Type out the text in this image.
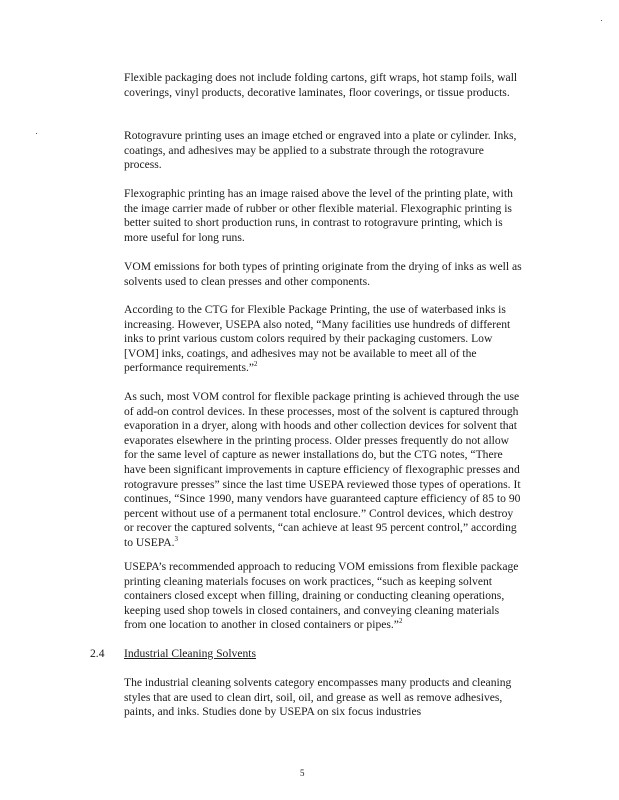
Flexible packaging does not include folding cartons, gift wraps, hot stamp foils, wall coverings, vinyl products, decorative laminates, floor coverings, or tissue products.

Rotogravure printing uses an image etched or engraved into a plate or cylinder. Inks, coatings, and adhesives may be applied to a substrate through the rotogravure process.

Flexographic printing has an image raised above the level of the printing plate, with the image carrier made of rubber or other flexible material. Flexographic printing is better suited to short production runs, in contrast to rotogravure printing, which is more useful for long runs.

VOM emissions for both types of printing originate from the drying of inks as well as solvents used to clean presses and other components.

According to the CTG for Flexible Package Printing, the use of waterbased inks is increasing. However, USEPA also noted, “Many facilities use hundreds of different inks to print various custom colors required by their packaging customers. Low [VOM] inks, coatings, and adhesives may not be available to meet all of the performance requirements.”$^2$

As such, most VOM control for flexible package printing is achieved through the use of add-on control devices. In these processes, most of the solvent is captured through evaporation in a dryer, along with hoods and other collection devices for solvent that evaporates elsewhere in the printing process. Older presses frequently do not allow for the same level of capture as newer installations do, but the CTG notes, “There have been significant improvements in capture efficiency of flexographic presses and rotogravure presses” since the last time USEPA reviewed those types of operations. It continues, “Since 1990, many vendors have guaranteed capture efficiency of 85 to 90 percent without use of a permanent total enclosure.” Control devices, which destroy or recover the captured solvents, “can achieve at least 95 percent control,” according to USEPA.$^3$

USEPA’s recommended approach to reducing VOM emissions from flexible package printing cleaning materials focuses on work practices, “such as keeping solvent containers closed except when filling, draining or conducting cleaning operations, keeping used shop towels in closed containers, and conveying cleaning materials from one location to another in closed containers or pipes.”$^2$

2.4 Industrial Cleaning Solvents

The industrial cleaning solvents category encompasses many products and cleaning styles that are used to clean dirt, soil, oil, and grease as well as remove adhesives, paints, and inks. Studies done by USEPA on six focus industries

5
